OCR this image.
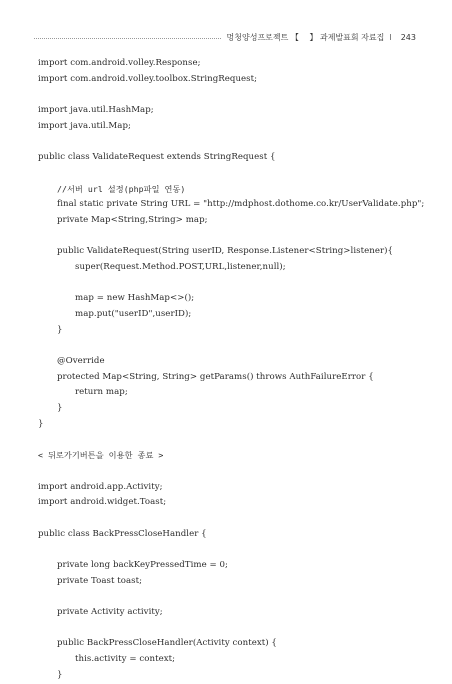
멍청양성프로젝트 【　 】 과제발표회 자료집 Ⅰ 243
import com.android.volley.Response;
import com.android.volley.toolbox.StringRequest;
import java.util.HashMap;
import java.util.Map;
public class ValidateRequest extends StringRequest {
//서버 url 설정(php파일 연동)
final static private String URL = "http://mdphost.dothome.co.kr/UserValidate.php";
private Map<String,String> map;
public ValidateRequest(String userID, Response.Listener<String>listener){
super(Request.Method.POST,URL,listener,null);
map = new HashMap<>();
map.put("userID",userID);
}
@Override
protected Map<String, String> getParams() throws AuthFailureError {
return map;
}
}
< 뒤로가기버튼을 이용한 종료 >
import android.app.Activity;
import android.widget.Toast;
public class BackPressCloseHandler {
private long backKeyPressedTime = 0;
private Toast toast;
private Activity activity;
public BackPressCloseHandler(Activity context) {
this.activity = context;
}
